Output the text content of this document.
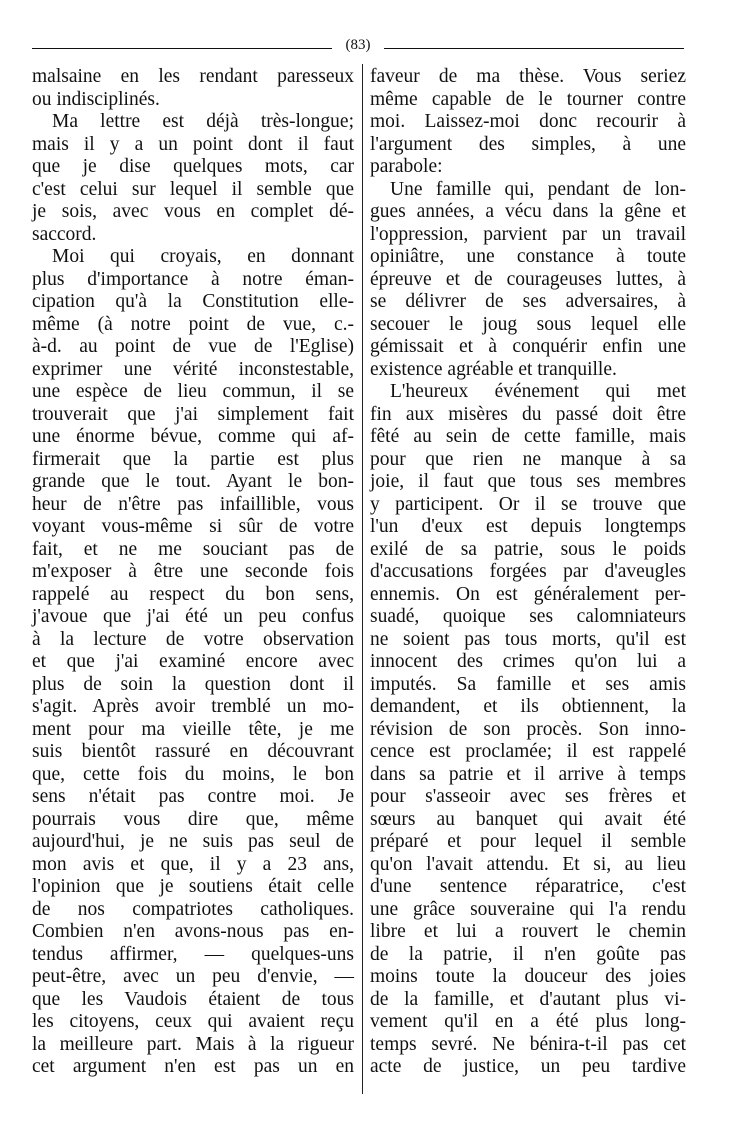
(83)
malsaine en les rendant paresseux
ou indisciplinés.
Ma lettre est déjà très-longue;
mais il y a un point dont il faut
que je dise quelques mots, car
c'est celui sur lequel il semble que
je sois, avec vous en complet dé-
saccord.
Moi qui croyais, en donnant
plus d'importance à notre éman-
cipation qu'à la Constitution elle-
même (à notre point de vue, c.-
à-d. au point de vue de l'Eglise)
exprimer une vérité inconstestable,
une espèce de lieu commun, il se
trouverait que j'ai simplement fait
une énorme bévue, comme qui af-
firmerait que la partie est plus
grande que le tout. Ayant le bon-
heur de n'être pas infaillible, vous
voyant vous-même si sûr de votre
fait, et ne me souciant pas de
m'exposer à être une seconde fois
rappelé au respect du bon sens,
j'avoue que j'ai été un peu confus
à la lecture de votre observation
et que j'ai examiné encore avec
plus de soin la question dont il
s'agit. Après avoir tremblé un mo-
ment pour ma vieille tête, je me
suis bientôt rassuré en découvrant
que, cette fois du moins, le bon
sens n'était pas contre moi. Je
pourrais vous dire que, même
aujourd'hui, je ne suis pas seul de
mon avis et que, il y a 23 ans,
l'opinion que je soutiens était celle
de nos compatriotes catholiques.
Combien n'en avons-nous pas en-
tendus affirmer, — quelques-uns
peut-être, avec un peu d'envie, —
que les Vaudois étaient de tous
les citoyens, ceux qui avaient reçu
la meilleure part. Mais à la rigueur
cet argument n'en est pas un en
faveur de ma thèse. Vous seriez
même capable de le tourner contre
moi. Laissez-moi donc recourir à
l'argument des simples, à une
parabole:
Une famille qui, pendant de lon-
gues années, a vécu dans la gêne et
l'oppression, parvient par un travail
opiniâtre, une constance à toute
épreuve et de courageuses luttes, à
se délivrer de ses adversaires, à
secouer le joug sous lequel elle
gémissait et à conquérir enfin une
existence agréable et tranquille.
L'heureux événement qui met
fin aux misères du passé doit être
fêté au sein de cette famille, mais
pour que rien ne manque à sa
joie, il faut que tous ses membres
y participent. Or il se trouve que
l'un d'eux est depuis longtemps
exilé de sa patrie, sous le poids
d'accusations forgées par d'aveugles
ennemis. On est généralement per-
suadé, quoique ses calomniateurs
ne soient pas tous morts, qu'il est
innocent des crimes qu'on lui a
imputés. Sa famille et ses amis
demandent, et ils obtiennent, la
révision de son procès. Son inno-
cence est proclamée; il est rappelé
dans sa patrie et il arrive à temps
pour s'asseoir avec ses frères et
sœurs au banquet qui avait été
préparé et pour lequel il semble
qu'on l'avait attendu. Et si, au lieu
d'une sentence réparatrice, c'est
une grâce souveraine qui l'a rendu
libre et lui a rouvert le chemin
de la patrie, il n'en goûte pas
moins toute la douceur des joies
de la famille, et d'autant plus vi-
vement qu'il en a été plus long-
temps sevré. Ne bénira-t-il pas cet
acte de justice, un peu tardive
